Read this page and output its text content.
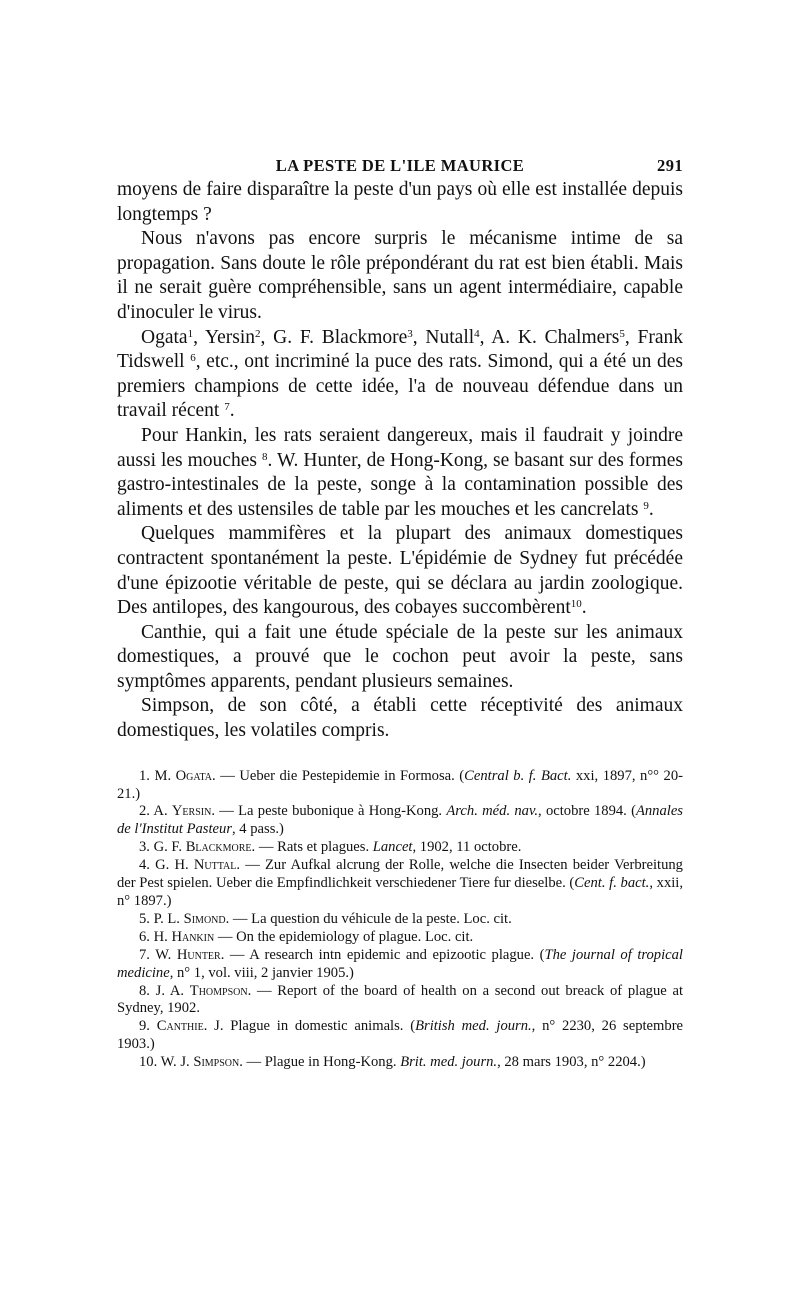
LA PESTE DE L'ILE MAURICE	291

moyens de faire disparaître la peste d'un pays où elle est installée depuis longtemps ?

Nous n'avons pas encore surpris le mécanisme intime de sa propagation. Sans doute le rôle prépondérant du rat est bien établi. Mais il ne serait guère compréhensible, sans un agent intermédiaire, capable d'inoculer le virus.

Ogata$^1$, Yersin$^2$, G. F. Blackmore$^3$, Nutall$^4$, A. K. Chalmers$^5$, Frank Tidswell $^6$, etc., ont incriminé la puce des rats. Simond, qui a été un des premiers champions de cette idée, l'a de nouveau défendue dans un travail récent $^7$.

Pour Hankin, les rats seraient dangereux, mais il faudrait y joindre aussi les mouches $^8$. W. Hunter, de Hong-Kong, se basant sur des formes gastro-intestinales de la peste, songe à la contamination possible des aliments et des ustensiles de table par les mouches et les cancrelats $^9$.

Quelques mammifères et la plupart des animaux domestiques contractent spontanément la peste. L'épidémie de Sydney fut précédée d'une épizootie véritable de peste, qui se déclara au jardin zoologique. Des antilopes, des kangourous, des cobayes succombèrent$^{10}$.

Canthie, qui a fait une étude spéciale de la peste sur les animaux domestiques, a prouvé que le cochon peut avoir la peste, sans symptômes apparents, pendant plusieurs semaines.

Simpson, de son côté, a établi cette réceptivité des animaux domestiques, les volatiles compris.

1. M. Ogata. — Ueber die Pestepidemie in Formosa. (Central b. f. Bact. xxi, 1897, n°° 20-21.)
2. A. Yersin. — La peste bubonique à Hong-Kong. Arch. méd. nav., octobre 1894. (Annales de l'Institut Pasteur, 4 pass.)
3. G. F. Blackmore. — Rats et plagues. Lancet, 1902, 11 octobre.
4. G. H. Nuttal. — Zur Aufkal alcrung der Rolle, welche die Insecten beider Verbreitung der Pest spielen. Ueber die Empfindlichkeit verschiedener Tiere fur dieselbe. (Cent. f. bact., xxii, n° 1897.)
5. P. L. Simond. — La question du véhicule de la peste. Loc. cit.
6. H. Hankin — On the epidemiology of plague. Loc. cit.
7. W. Hunter. — A research intn epidemic and epizootic plague. (The journal of tropical medicine, n° 1, vol. viii, 2 janvier 1905.)
8. J. A. Thompson. — Report of the board of health on a second out breack of plague at Sydney, 1902.
9. Canthie. J. Plague in domestic animals. (British med. journ., n° 2230, 26 septembre 1903.)
10. W. J. Simpson. — Plague in Hong-Kong. Brit. med. journ., 28 mars 1903, n° 2204.)
